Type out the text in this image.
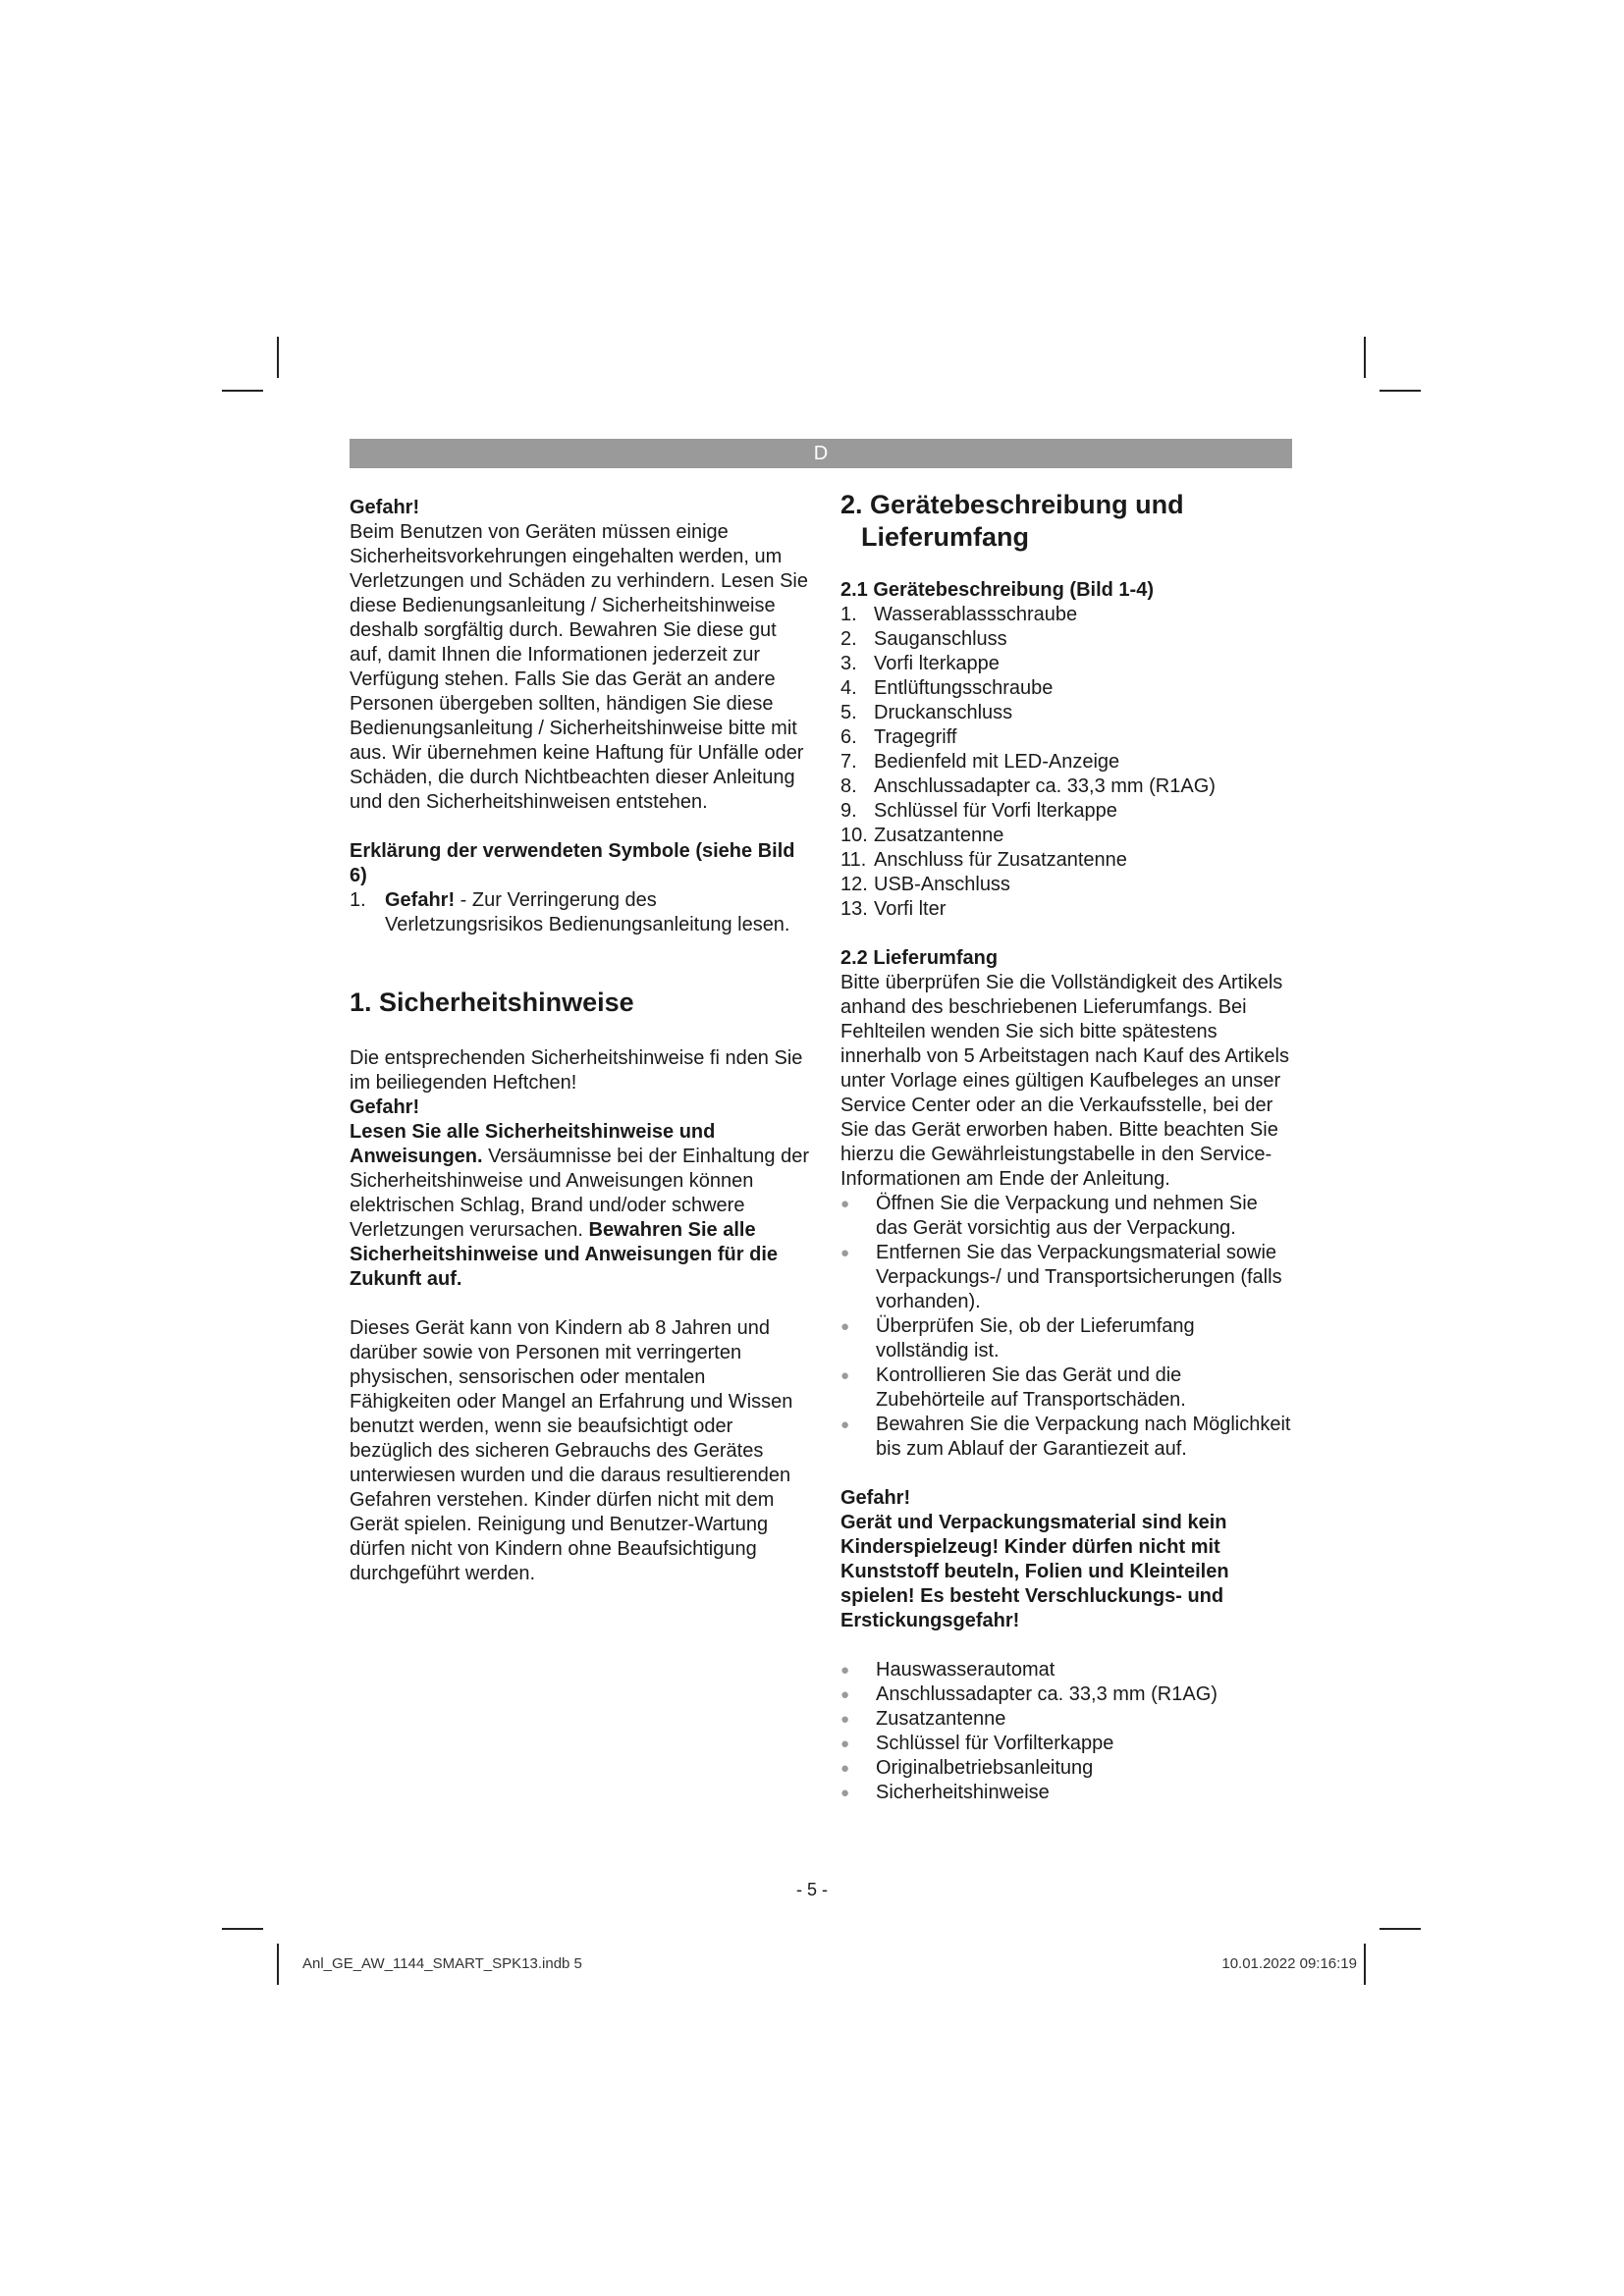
D

Gefahr!

Beim Benutzen von Geräten müssen einige Sicherheitsvorkehrungen eingehalten werden, um Verletzungen und Schäden zu verhindern. Lesen Sie diese Bedienungsanleitung / Sicherheitshinweise deshalb sorgfältig durch. Bewahren Sie diese gut auf, damit Ihnen die Informationen jederzeit zur Verfügung stehen. Falls Sie das Gerät an andere Personen übergeben sollten, händigen Sie diese Bedienungsanleitung / Sicherheitshinweise bitte mit aus. Wir übernehmen keine Haftung für Unfälle oder Schäden, die durch Nichtbeachten dieser Anleitung und den Sicherheitshinweisen entstehen.

Erklärung der verwendeten Symbole (siehe Bild 6)

1. Gefahr! - Zur Verringerung des Verletzungsrisikos Bedienungsanleitung lesen.

1. Sicherheitshinweise

Die entsprechenden Sicherheitshinweise fi nden Sie im beiliegenden Heftchen!

Gefahr!

Lesen Sie alle Sicherheitshinweise und Anweisungen. Versäumnisse bei der Einhaltung der Sicherheitshinweise und Anweisungen können elektrischen Schlag, Brand und/oder schwere Verletzungen verursachen. Bewahren Sie alle Sicherheitshinweise und Anweisungen für die Zukunft auf.

Dieses Gerät kann von Kindern ab 8 Jahren und darüber sowie von Personen mit verringerten physischen, sensorischen oder mentalen Fähigkeiten oder Mangel an Erfahrung und Wissen benutzt werden, wenn sie beaufsichtigt oder bezüglich des sicheren Gebrauchs des Gerätes unterwiesen wurden und die daraus resultierenden Gefahren verstehen. Kinder dürfen nicht mit dem Gerät spielen. Reinigung und Benutzer-Wartung dürfen nicht von Kindern ohne Beaufsichtigung durchgeführt werden.

2. Gerätebeschreibung und
Lieferumfang

2.1 Gerätebeschreibung (Bild 1-4)

1. Wasserablassschraube
2. Sauganschluss
3. Vorfi lterkappe
4. Entlüftungsschraube
5. Druckanschluss
6. Tragegriff
7. Bedienfeld mit LED-Anzeige
8. Anschlussadapter ca. 33,3 mm (R1AG)
9. Schlüssel für Vorfi lterkappe
10. Zusatzantenne
11. Anschluss für Zusatzantenne
12. USB-Anschluss
13. Vorfi lter

2.2 Lieferumfang

Bitte überprüfen Sie die Vollständigkeit des Artikels anhand des beschriebenen Lieferumfangs. Bei Fehlteilen wenden Sie sich bitte spätestens innerhalb von 5 Arbeitstagen nach Kauf des Artikels unter Vorlage eines gültigen Kaufbeleges an unser Service Center oder an die Verkaufsstelle, bei der Sie das Gerät erworben haben. Bitte beachten Sie hierzu die Gewährleistungstabelle in den Service-Informationen am Ende der Anleitung.

●	Öffnen Sie die Verpackung und nehmen Sie das Gerät vorsichtig aus der Verpackung.
●	Entfernen Sie das Verpackungsmaterial sowie Verpackungs-/ und Transportsicherungen (falls vorhanden).
●	Überprüfen Sie, ob der Lieferumfang vollständig ist.
●	Kontrollieren Sie das Gerät und die Zubehörteile auf Transportschäden.
●	Bewahren Sie die Verpackung nach Möglichkeit bis zum Ablauf der Garantiezeit auf.

Gefahr!

Gerät und Verpackungsmaterial sind kein Kinderspielzeug! Kinder dürfen nicht mit Kunststoff beuteln, Folien und Kleinteilen spielen! Es besteht Verschluckungs- und Erstickungsgefahr!

●	Hauswasserautomat
●	Anschlussadapter ca. 33,3 mm (R1AG)
●	Zusatzantenne
●	Schlüssel für Vorfilterkappe
●	Originalbetriebsanleitung
●	Sicherheitshinweise
- 5 -
Anl_GE_AW_1144_SMART_SPK13.indb 5	10.01.2022 09:16:19
